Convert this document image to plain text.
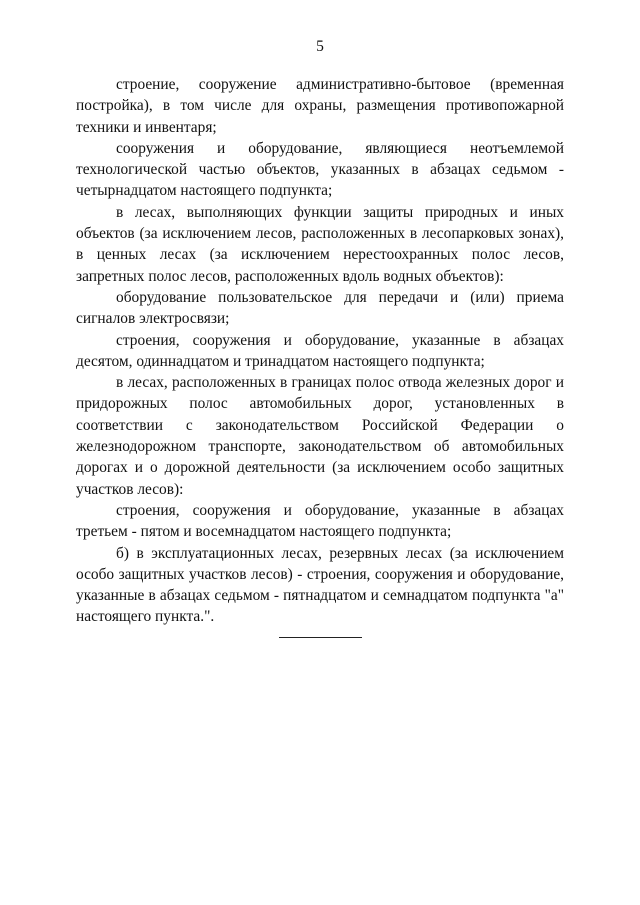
5

строение, сооружение административно-бытовое (временная постройка), в том числе для охраны, размещения противопожарной техники и инвентаря;

сооружения и оборудование, являющиеся неотъемлемой технологической частью объектов, указанных в абзацах седьмом - четырнадцатом настоящего подпункта;

в лесах, выполняющих функции защиты природных и иных объектов (за исключением лесов, расположенных в лесопарковых зонах), в ценных лесах (за исключением нерестоохранных полос лесов, запретных полос лесов, расположенных вдоль водных объектов):

оборудование пользовательское для передачи и (или) приема сигналов электросвязи;

строения, сооружения и оборудование, указанные в абзацах десятом, одиннадцатом и тринадцатом настоящего подпункта;

в лесах, расположенных в границах полос отвода железных дорог и придорожных полос автомобильных дорог, установленных в соответствии с законодательством Российской Федерации о железнодорожном транспорте, законодательством об автомобильных дорогах и о дорожной деятельности (за исключением особо защитных участков лесов):

строения, сооружения и оборудование, указанные в абзацах третьем - пятом и восемнадцатом настоящего подпункта;

б) в эксплуатационных лесах, резервных лесах (за исключением особо защитных участков лесов) - строения, сооружения и оборудование, указанные в абзацах седьмом - пятнадцатом и семнадцатом подпункта "а" настоящего пункта.".
